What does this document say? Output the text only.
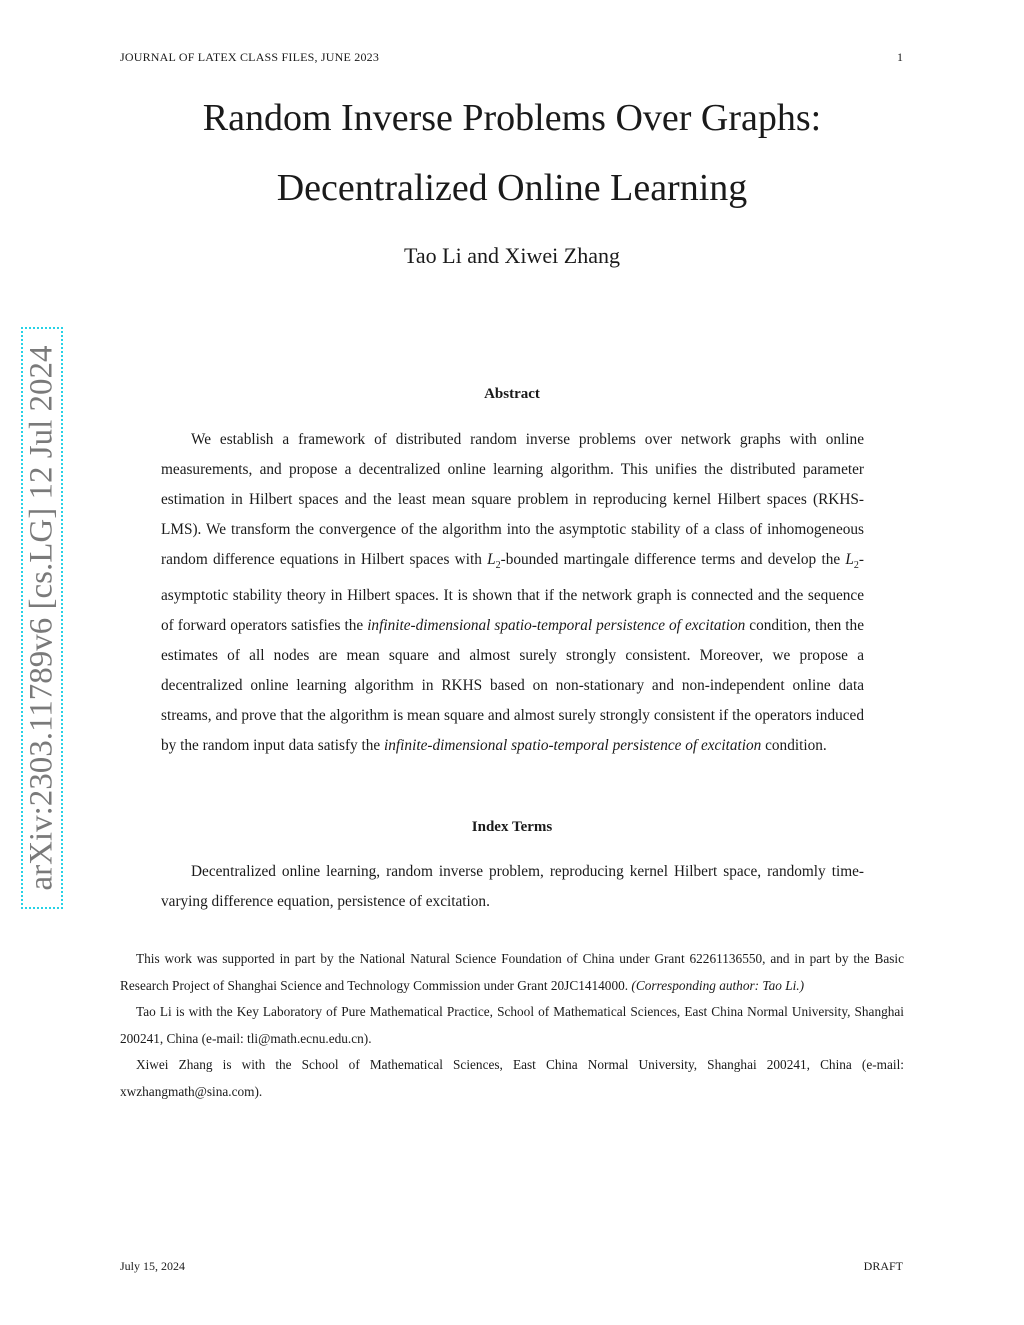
JOURNAL OF LATEX CLASS FILES, JUNE 2023	1
Random Inverse Problems Over Graphs:
Decentralized Online Learning
Tao Li and Xiwei Zhang
arXiv:2303.11789v6 [cs.LG] 12 Jul 2024	Abstract

We establish a framework of distributed random inverse problems over network graphs with online measurements, and propose a decentralized online learning algorithm. This unifies the distributed parameter estimation in Hilbert spaces and the least mean square problem in reproducing kernel Hilbert spaces (RKHS-LMS). We transform the convergence of the algorithm into the asymptotic stability of a class of inhomogeneous random difference equations in Hilbert spaces with $L_2$-bounded martingale difference terms and develop the $L_2$-asymptotic stability theory in Hilbert spaces. It is shown that if the network graph is connected and the sequence of forward operators satisfies the infinite-dimensional spatio-temporal persistence of excitation condition, then the estimates of all nodes are mean square and almost surely strongly consistent. Moreover, we propose a decentralized online learning algorithm in RKHS based on non-stationary and non-independent online data streams, and prove that the algorithm is mean square and almost surely strongly consistent if the operators induced by the random input data satisfy the infinite-dimensional spatio-temporal persistence of excitation condition.

Index Terms

Decentralized online learning, random inverse problem, reproducing kernel Hilbert space, randomly time-varying difference equation, persistence of excitation.

This work was supported in part by the National Natural Science Foundation of China under Grant 62261136550, and in part by the Basic Research Project of Shanghai Science and Technology Commission under Grant 20JC1414000. (Corresponding author: Tao Li.)

Tao Li is with the Key Laboratory of Pure Mathematical Practice, School of Mathematical Sciences, East China Normal University, Shanghai 200241, China (e-mail: tli@math.ecnu.edu.cn).

Xiwei Zhang is with the School of Mathematical Sciences, East China Normal University, Shanghai 200241, China (e-mail: xwzhangmath@sina.com).

July 15, 2024	DRAFT
